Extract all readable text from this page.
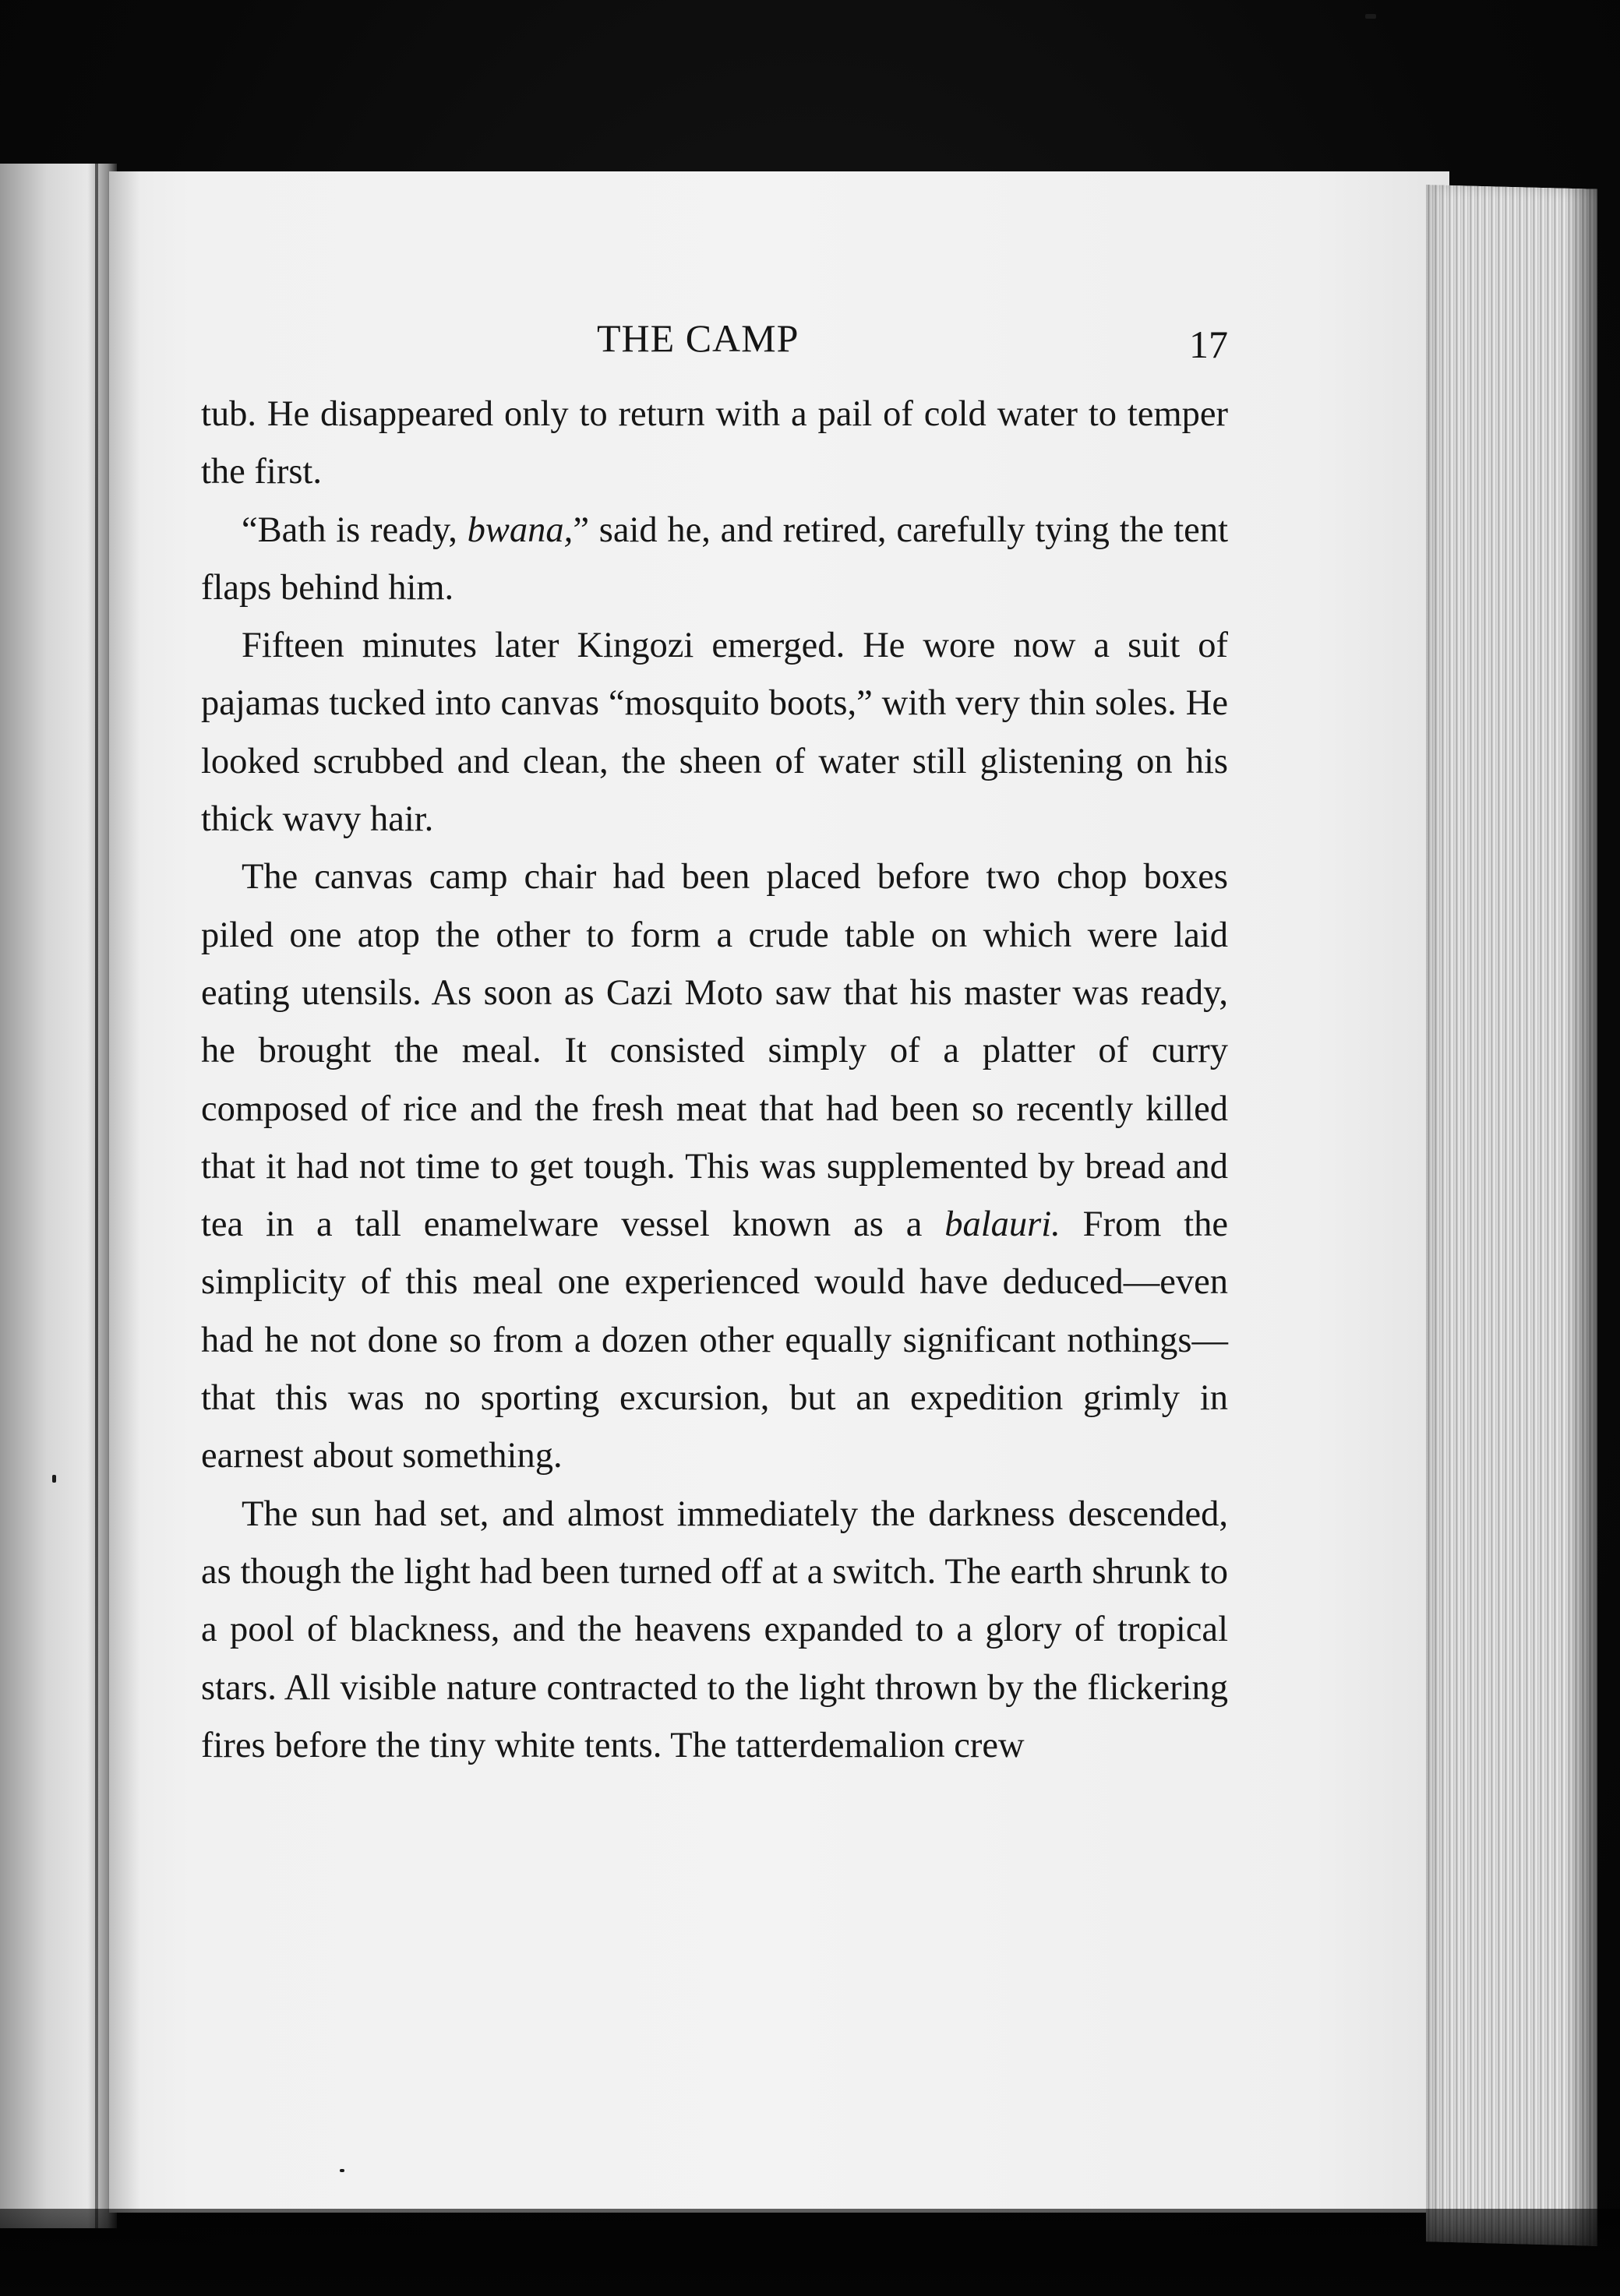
THE CAMP	17

tub. He disappeared only to return with a pail of cold water to temper the first.

“Bath is ready, bwana,” said he, and retired, carefully tying the tent flaps behind him.

Fifteen minutes later Kingozi emerged. He wore now a suit of pajamas tucked into canvas “mosquito boots,” with very thin soles. He looked scrubbed and clean, the sheen of water still glistening on his thick wavy hair.

The canvas camp chair had been placed before two chop boxes piled one atop the other to form a crude table on which were laid eating utensils. As soon as Cazi Moto saw that his master was ready, he brought the meal. It consisted simply of a platter of curry composed of rice and the fresh meat that had been so recently killed that it had not time to get tough. This was supplemented by bread and tea in a tall enamelware vessel known as a balauri. From the simplicity of this meal one experienced would have deduced—even had he not done so from a dozen other equally significant nothings—that this was no sporting excursion, but an expedition grimly in earnest about something.

The sun had set, and almost immediately the darkness descended, as though the light had been turned off at a switch. The earth shrunk to a pool of blackness, and the heavens expanded to a glory of tropical stars. All visible nature contracted to the light thrown by the flickering fires before the tiny white tents. The tatterdemalion crew
